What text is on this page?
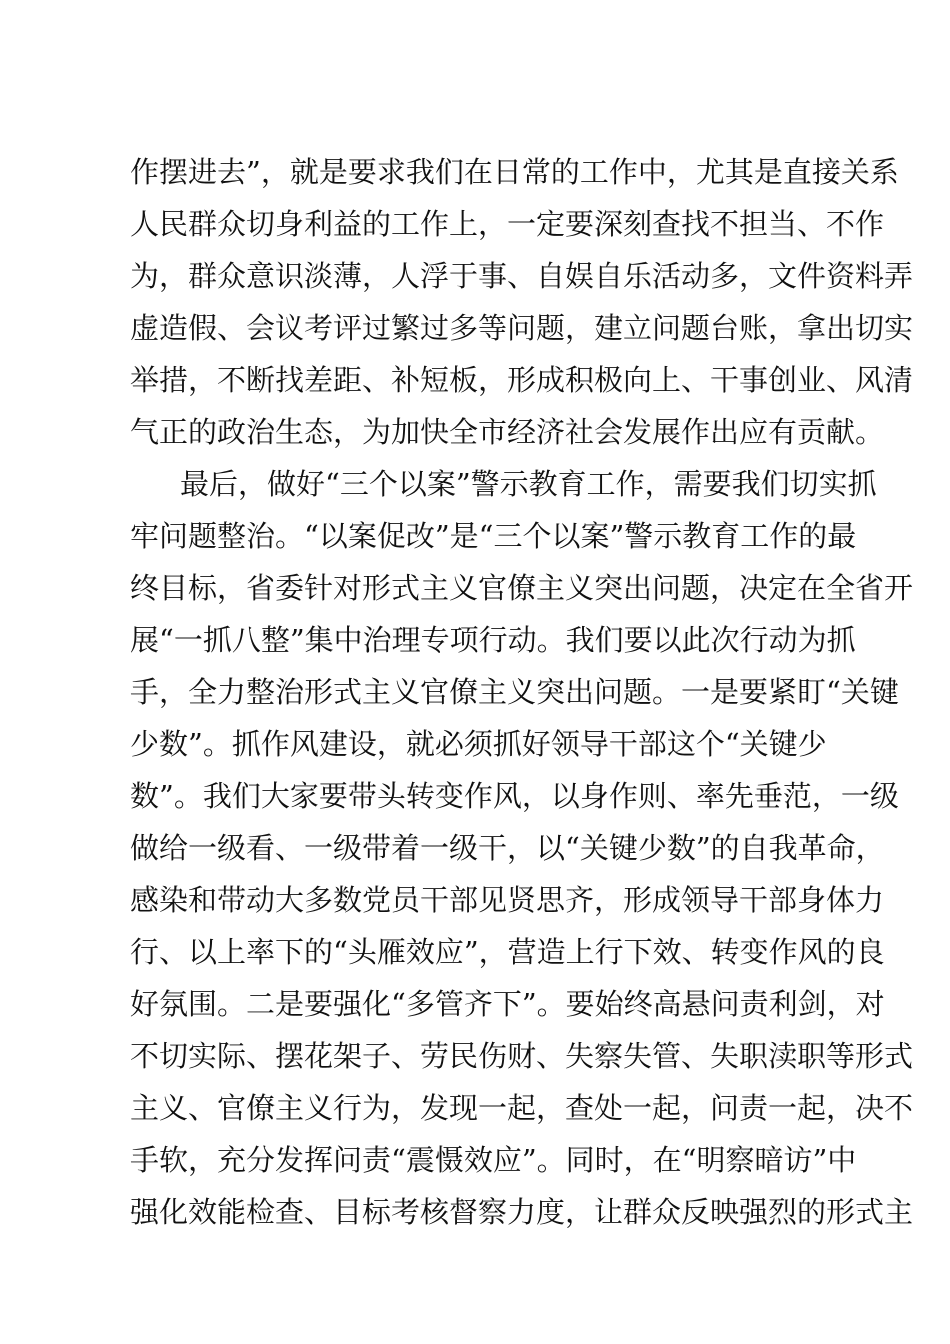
作摆进去”，就是要求我们在日常的工作中，尤其是直接关系
人民群众切身利益的工作上，一定要深刻查找不担当、不作
为，群众意识淡薄，人浮于事、自娱自乐活动多，文件资料弄
虚造假、会议考评过繁过多等问题，建立问题台账，拿出切实
举措，不断找差距、补短板，形成积极向上、干事创业、风清
气正的政治生态，为加快全市经济社会发展作出应有贡献。
最后，做好“三个以案”警示教育工作，需要我们切实抓
牢问题整治。“以案促改”是“三个以案”警示教育工作的最
终目标，省委针对形式主义官僚主义突出问题，决定在全省开
展“一抓八整”集中治理专项行动。我们要以此次行动为抓
手，全力整治形式主义官僚主义突出问题。一是要紧盯“关键
少数”。抓作风建设，就必须抓好领导干部这个“关键少
数”。我们大家要带头转变作风，以身作则、率先垂范，一级
做给一级看、一级带着一级干，以“关键少数”的自我革命，
感染和带动大多数党员干部见贤思齐，形成领导干部身体力
行、以上率下的“头雁效应”，营造上行下效、转变作风的良
好氛围。二是要强化“多管齐下”。要始终高悬问责利剑，对
不切实际、摆花架子、劳民伤财、失察失管、失职渎职等形式
主义、官僚主义行为，发现一起，查处一起，问责一起，决不
手软，充分发挥问责“震慑效应”。同时，在“明察暗访”中
强化效能检查、目标考核督察力度，让群众反映强烈的形式主
